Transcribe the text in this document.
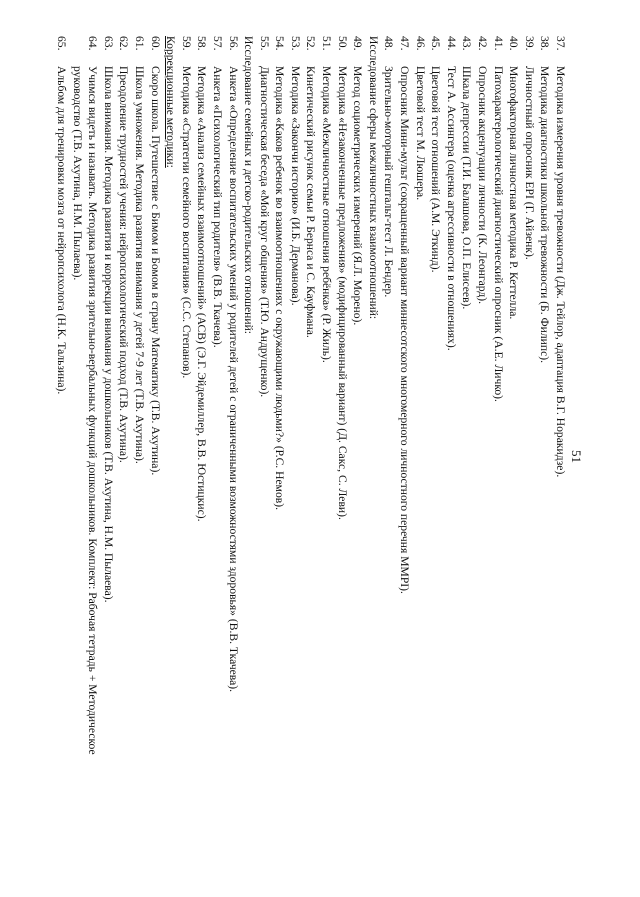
51
37.Методика измерения уровня тревожности (Дж. Тейлор, адаптация В.Г. Норакидзе).
38.Методика диагностики школьной тревожности (Б. Филипс).
39.Личностный опросник ЕРI (Г. Айзенк).
40.Многофакторная личностная методика Р. Кеттелла.
41.Патохарактерологический диагностический опросник (А.Е. Личко).
42.Опросник акцентуации личности (К. Леонгард).
43.Шкала депрессии (Т.И. Балашова, О.П. Елисеев).
44.Тест А. Ассингера (оценка агрессивности в отношениях).
45.Цветовой тест отношений (А.М. Эткинд).
46.Цветовой тест М. Люшера.
47.Опросник Мини-мульт (сокращенный вариант миннесотского многомерного личностного перечня ММРI).
48.Зрительно-моторный гештальт-тест Л. Бендер.
Исследование сферы межличностных взаимоотношений:
49.Метод социометрических измерений (Я.Л. Морено).
50.Методика «Незаконченные предложения» (модифицированный вариант) (Д. Сакс, С. Леви).
51.Методика «Межличностные отношения ребёнка» (Р. Жиль).
52.Кинетический рисунок семьи Р. Бернса и С. Кауфмана.
53.Методика «Закончи историю» (И.Б. Дерманова).
54.Методика «Каков ребенок во взаимоотношениях с окружающими людьми?» (Р.С. Немов).
55.Диагностическая беседа «Мой круг общения» (Т.Ю. Андрущенко).
Исследование семейных и детско-родительских отношений:
56.Анкета «Определение воспитательских умений у родителей детей с ограниченными возможностями здоровья» (В.В. Ткачева).
57.Анкета «Психологический тип родителя» (В.В. Ткачева).
58.Методика «Анализ семейных взаимоотношений» (АСВ) (Э.Г. Эйдемиллер, В.В. Юстицкис).
59.Методика «Стратегии семейного воспитания» (С.С. Степанов).
Коррекционные методики:
60.Скоро школа. Путешествие с Бимом и Бомом в страну Математику (Т.В. Ахутина).
61.Школа умножения. Методика развития внимания у детей 7-9 лет (Т.В. Ахутина).
62.Преодоление трудностей учения: нейропсихологический подход (Т.В. Ахутина).
63.Школа внимания. Методика развития и коррекции внимания у дошкольников (Т.В. Ахутина, Н.М. Пылаева).
64.Учимся видеть и называть. Методика развития зрительно-вербальных функций дошкольников. Комплект: Рабочая тетрадь + Методическое
руководство (Т.В. Ахутина, Н.М. Пылаева).
65.Альбом для тренировки мозга от нейропсихолога (Н.К. Тальзина).
